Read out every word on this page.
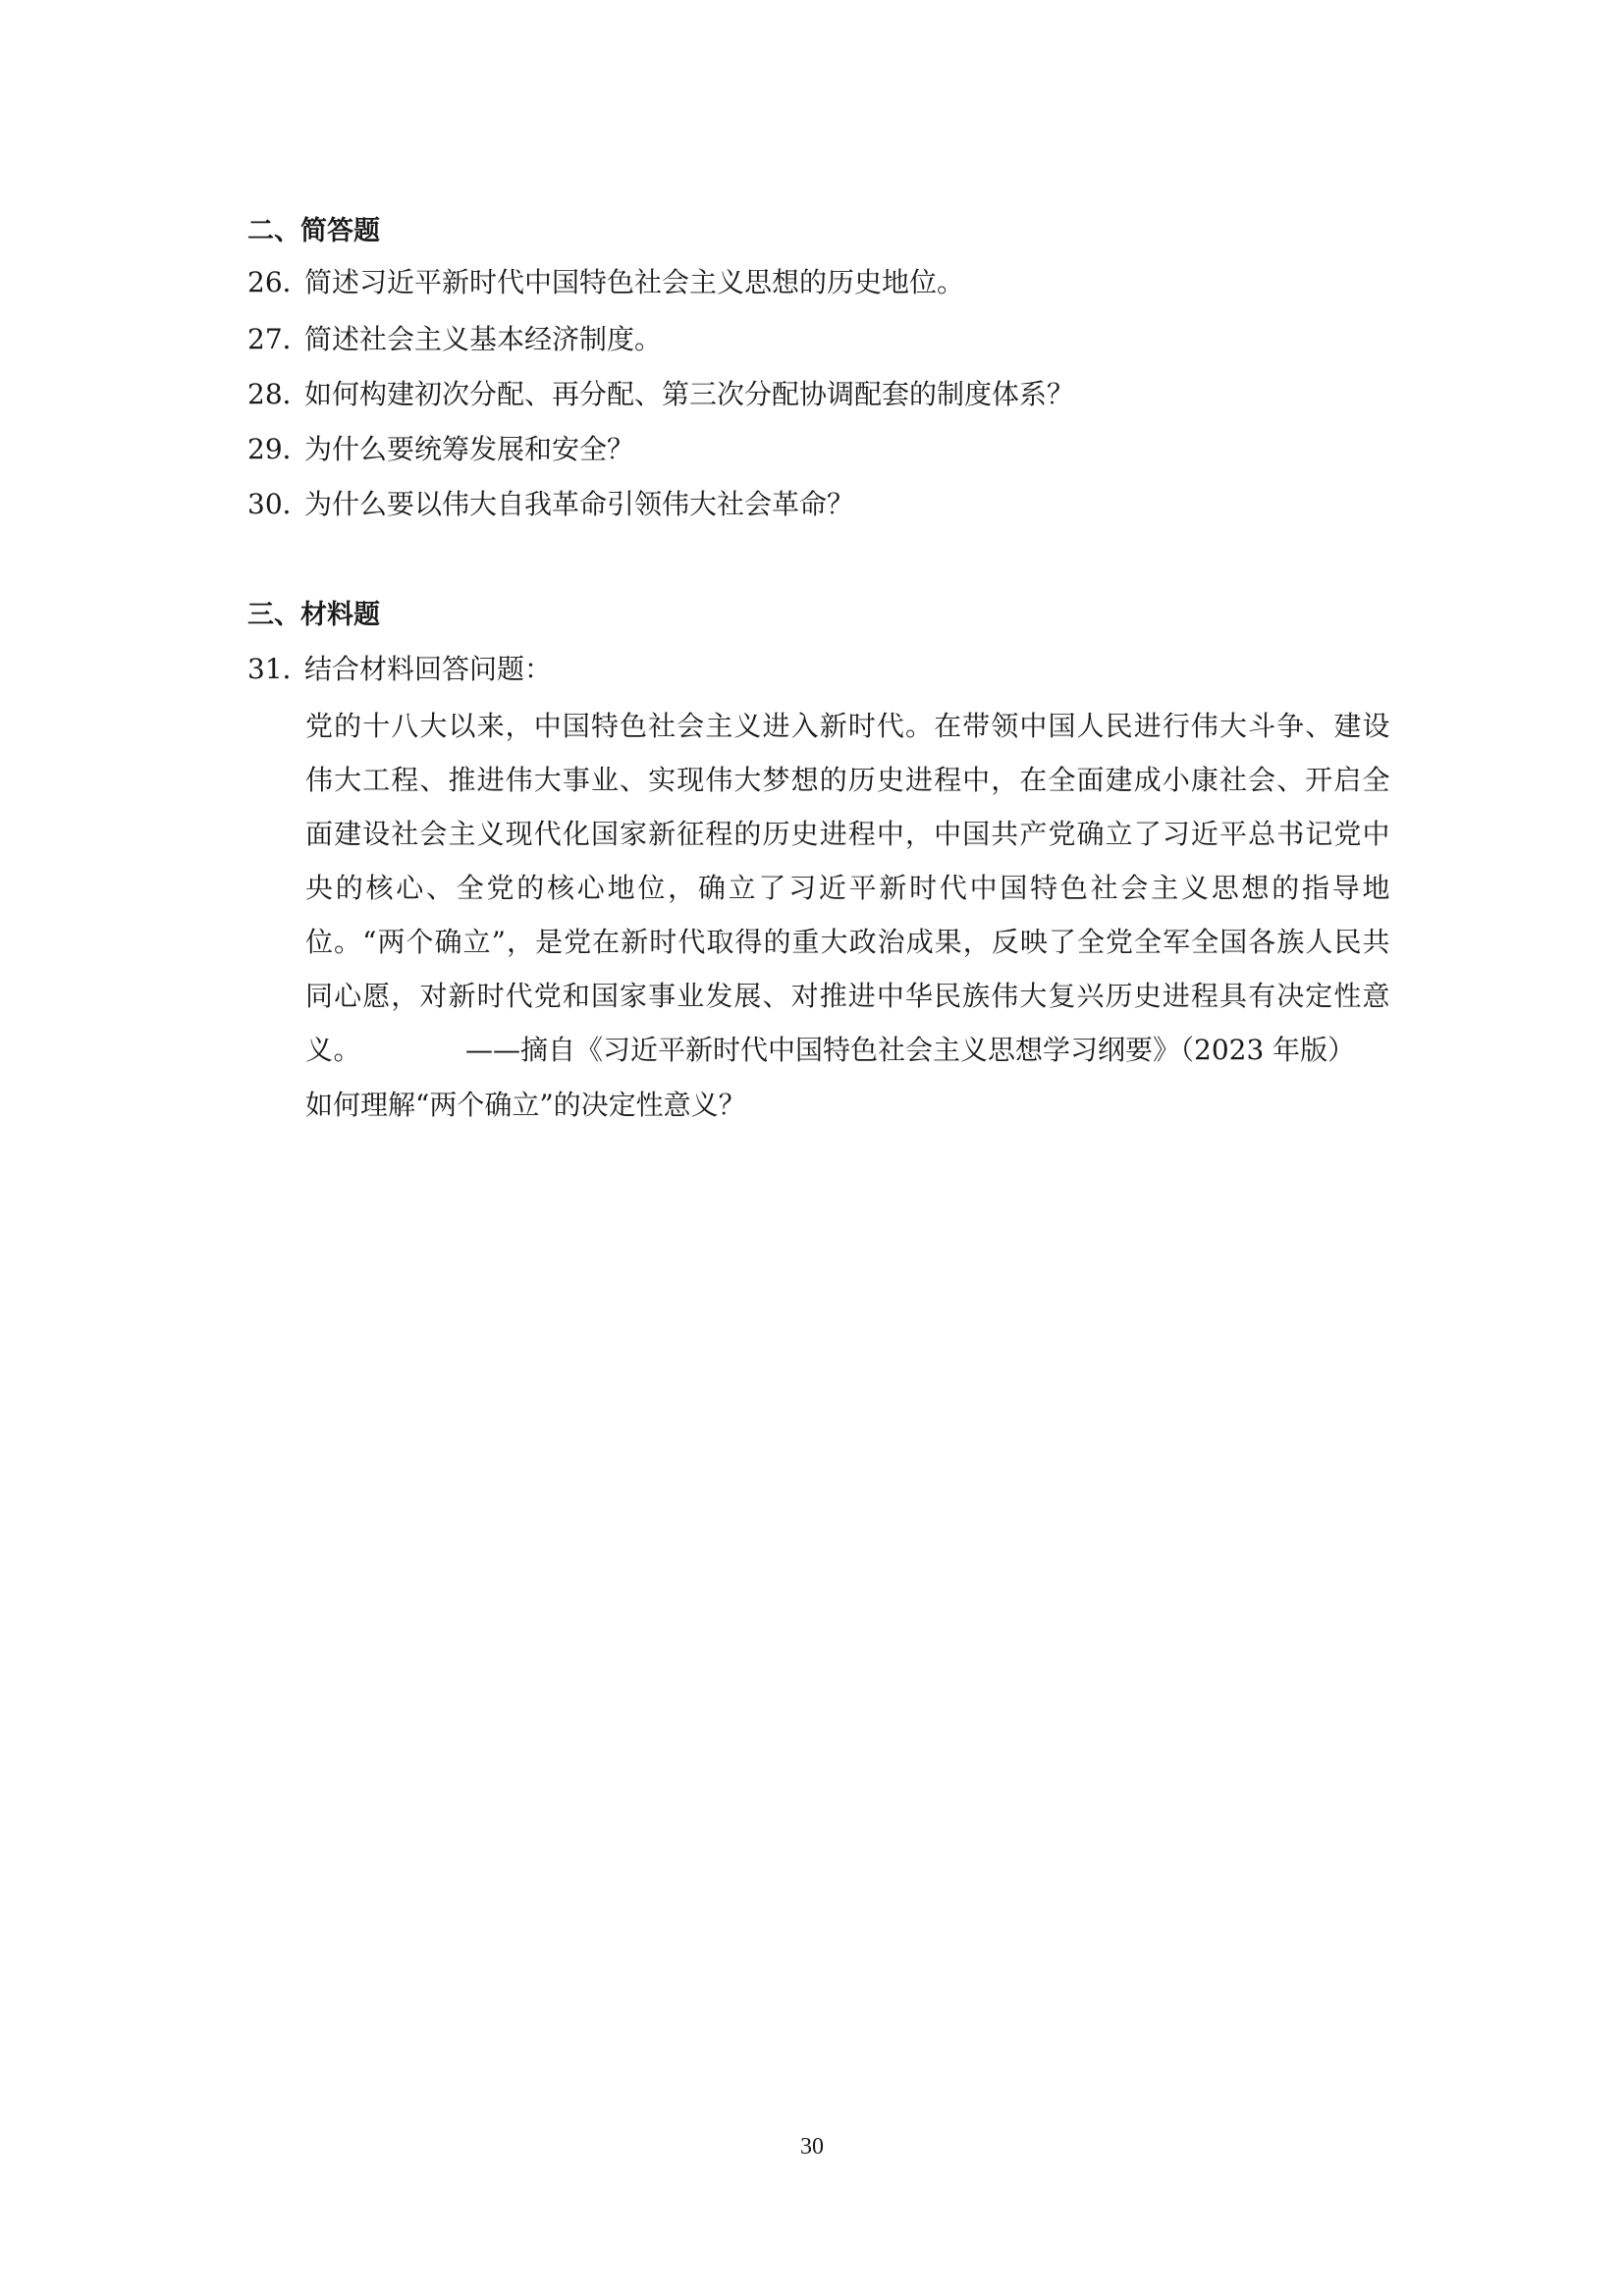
二、简答题
26．简述习近平新时代中国特色社会主义思想的历史地位。
27．简述社会主义基本经济制度。
28．如何构建初次分配、再分配、第三次分配协调配套的制度体系？
29．为什么要统筹发展和安全？
30．为什么要以伟大自我革命引领伟大社会革命？
三、材料题
31．结合材料回答问题：
党的十八大以来，中国特色社会主义进入新时代。在带领中国人民进行伟大斗争、建设伟大工程、推进伟大事业、实现伟大梦想的历史进程中，在全面建成小康社会、开启全面建设社会主义现代化国家新征程的历史进程中，中国共产党确立了习近平总书记党中央的核心、全党的核心地位，确立了习近平新时代中国特色社会主义思想的指导地位。“两个确立”，是党在新时代取得的重大政治成果，反映了全党全军全国各族人民共同心愿，对新时代党和国家事业发展、对推进中华民族伟大复兴历史进程具有决定性意义。	——摘自《习近平新时代中国特色社会主义思想学习纲要》（2023 年版）
如何理解“两个确立”的决定性意义？
30
